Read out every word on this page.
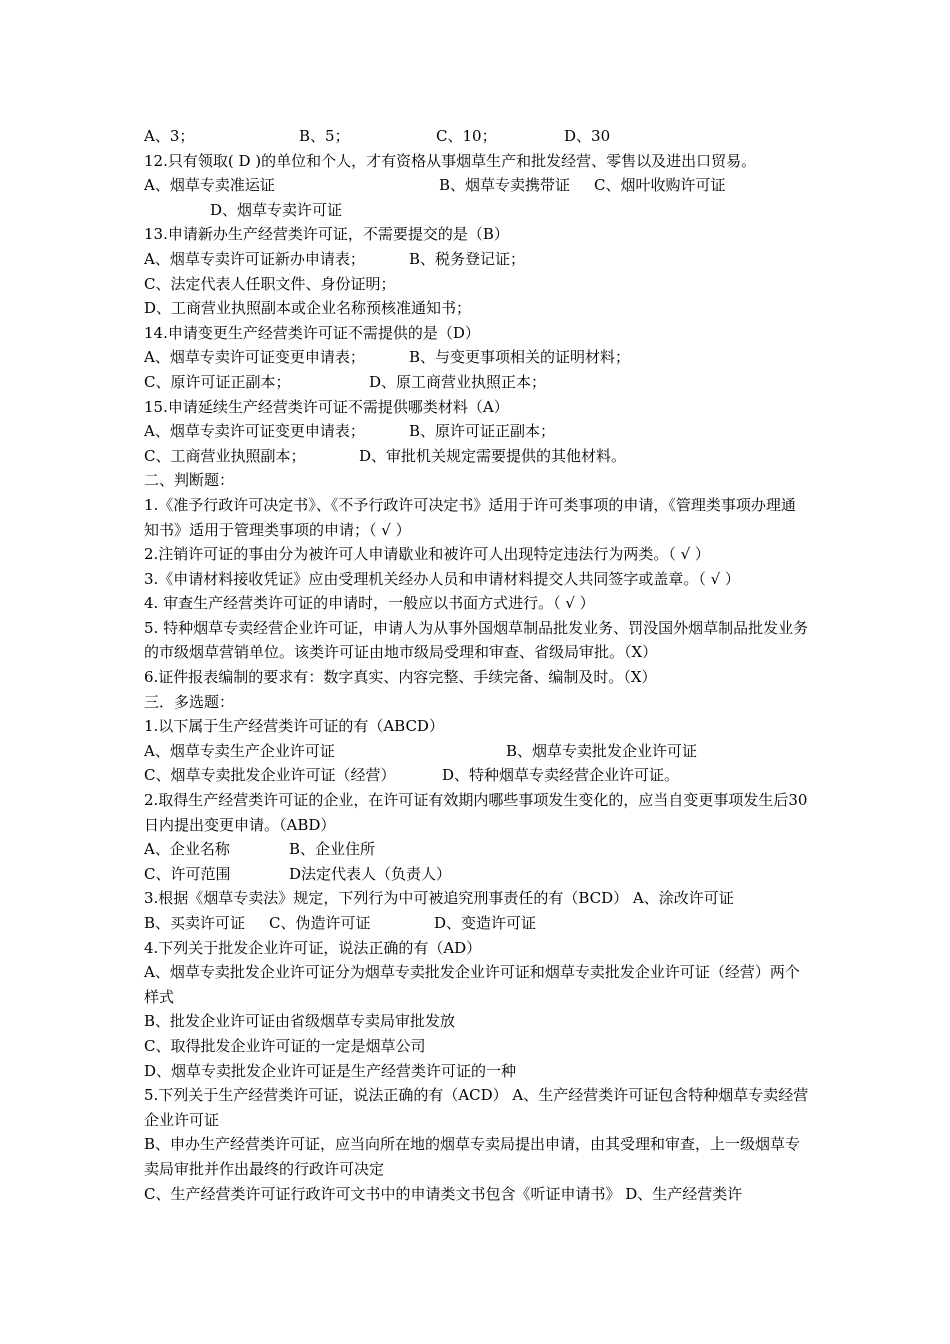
A、3；	B、5；	C、10；	D、30
12.只有领取( D )的单位和个人，才有资格从事烟草生产和批发经营、零售以及进出口贸易。
A、烟草专卖准运证	B、烟草专卖携带证 C、烟叶收购许可证
D、烟草专卖许可证
13.申请新办生产经营类许可证，不需要提交的是（B）
A、烟草专卖许可证新办申请表；	B、税务登记证；
C、法定代表人任职文件、身份证明；
D、工商营业执照副本或企业名称预核准通知书；
14.申请变更生产经营类许可证不需提供的是（D）
A、烟草专卖许可证变更申请表；	B、与变更事项相关的证明材料；
C、原许可证正副本；	D、原工商营业执照正本；
15.申请延续生产经营类许可证不需提供哪类材料（A）
A、烟草专卖许可证变更申请表；	B、原许可证正副本；
C、工商营业执照副本；	D、审批机关规定需要提供的其他材料。
二、判断题：
1.《准予行政许可决定书》、《不予行政许可决定书》适用于许可类事项的申请，《管理类事项办理通知书》适用于管理类事项的申请；（ √ ）
2.注销许可证的事由分为被许可人申请歇业和被许可人出现特定违法行为两类。（ √ ）
3.《申请材料接收凭证》应由受理机关经办人员和申请材料提交人共同签字或盖章。（ √ ）
4. 审查生产经营类许可证的申请时，一般应以书面方式进行。（ √ ）
5. 特种烟草专卖经营企业许可证，申请人为从事外国烟草制品批发业务、罚没国外烟草制品批发业务的市级烟草营销单位。该类许可证由地市级局受理和审查、省级局审批。（X）
6.证件报表编制的要求有：数字真实、内容完整、手续完备、编制及时。（X）
三．多选题：
1.以下属于生产经营类许可证的有（ABCD）
A、烟草专卖生产企业许可证	B、烟草专卖批发企业许可证
C、烟草专卖批发企业许可证（经营）	D、特种烟草专卖经营企业许可证。
2.取得生产经营类许可证的企业，在许可证有效期内哪些事项发生变化的，应当自变更事项发生后30日内提出变更申请。（ABD）
A、企业名称	B、企业住所
C、许可范围	D法定代表人（负责人）
3.根据《烟草专卖法》规定，下列行为中可被追究刑事责任的有（BCD） A、涂改许可证
B、买卖许可证 C、伪造许可证	D、变造许可证
4.下列关于批发企业许可证，说法正确的有（AD）
A、烟草专卖批发企业许可证分为烟草专卖批发企业许可证和烟草专卖批发企业许可证（经营）两个样式
B、批发企业许可证由省级烟草专卖局审批发放
C、取得批发企业许可证的一定是烟草公司
D、烟草专卖批发企业许可证是生产经营类许可证的一种
5.下列关于生产经营类许可证，说法正确的有（ACD） A、生产经营类许可证包含特种烟草专卖经营企业许可证
B、申办生产经营类许可证，应当向所在地的烟草专卖局提出申请，由其受理和审查，上一级烟草专卖局审批并作出最终的行政许可决定
C、生产经营类许可证行政许可文书中的申请类文书包含《听证申请书》 D、生产经营类许
